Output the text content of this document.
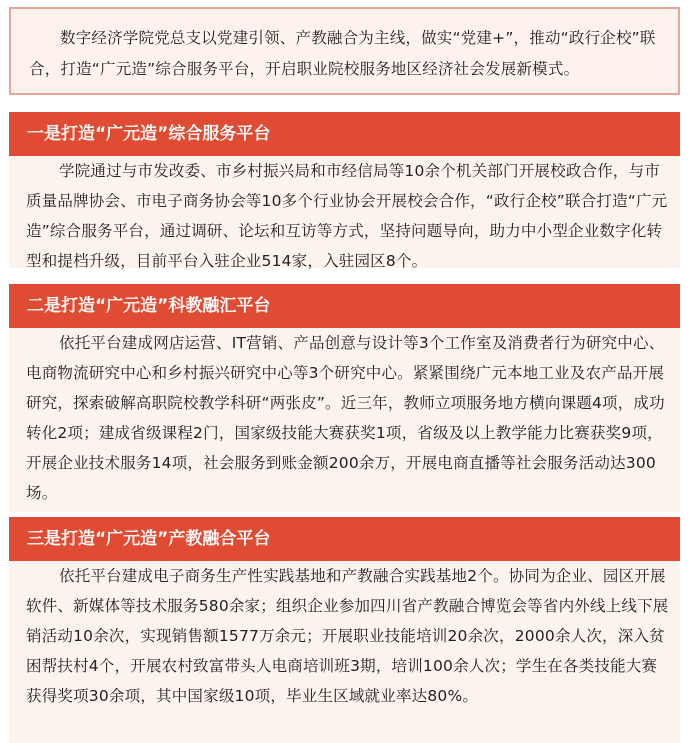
数字经济学院党总支以党建引领、产教融合为主线，做实“党建+”，推动“政行企校”联合，打造“广元造”综合服务平台，开启职业院校服务地区经济社会发展新模式。
一是打造“广元造”综合服务平台
学院通过与市发改委、市乡村振兴局和市经信局等10余个机关部门开展校政合作，与市质量品牌协会、市电子商务协会等10多个行业协会开展校会合作，“政行企校”联合打造“广元造”综合服务平台，通过调研、论坛和互访等方式，坚持问题导向，助力中小型企业数字化转型和提档升级，目前平台入驻企业514家，入驻园区8个。
二是打造“广元造”科教融汇平台
依托平台建成网店运营、IT营销、产品创意与设计等3个工作室及消费者行为研究中心、电商物流研究中心和乡村振兴研究中心等3个研究中心。紧紧围绕广元本地工业及农产品开展研究，探索破解高职院校教学科研“两张皮”。近三年，教师立项服务地方横向课题4项，成功转化2项；建成省级课程2门，国家级技能大赛获奖1项，省级及以上教学能力比赛获奖9项，开展企业技术服务14项，社会服务到账金额200余万，开展电商直播等社会服务活动达300场。
三是打造“广元造”产教融合平台
依托平台建成电子商务生产性实践基地和产教融合实践基地2个。协同为企业、园区开展软件、新媒体等技术服务580余家；组织企业参加四川省产教融合博览会等省内外线上线下展销活动10余次，实现销售额1577万余元；开展职业技能培训20余次，2000余人次，深入贫困帮扶村4个，开展农村致富带头人电商培训班3期，培训100余人次；学生在各类技能大赛获得奖项30余项，其中国家级10项，毕业生区域就业率达80%。
